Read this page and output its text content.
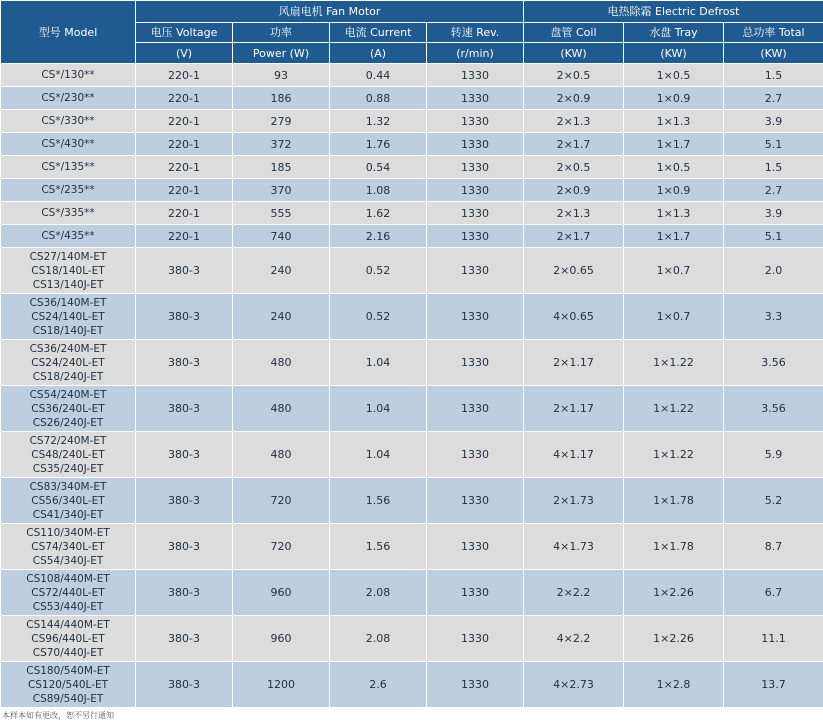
型号 Model	风扇电机 Fan Motor				电热除霜 Electric Defrost		
	电压 Voltage	功率	电流 Current	转速 Rev.	盘管 Coil	水盘 Tray	总功率 Total
	(V)	Power (W)	(A)	(r/min)	(KW)	(KW)	(KW)

CS*/130**	220-1	93	0.44	1330	2×0.5	1×0.5	1.5

CS*/230**	220-1	186	0.88	1330	2×0.9	1×0.9	2.7

CS*/330**	220-1	279	1.32	1330	2×1.3	1×1.3	3.9

CS*/430**	220-1	372	1.76	1330	2×1.7	1×1.7	5.1

CS*/135**	220-1	185	0.54	1330	2×0.5	1×0.5	1.5

CS*/235**	220-1	370	1.08	1330	2×0.9	1×0.9	2.7

CS*/335**	220-1	555	1.62	1330	2×1.3	1×1.3	3.9

CS*/435**	220-1	740	2.16	1330	2×1.7	1×1.7	5.1

CS27/140M-ET
CS18/140L-ET
CS13/140J-ET	380-3	240	0.52	1330	2×0.65	1×0.7	2.0

CS36/140M-ET
CS24/140L-ET
CS18/140J-ET	380-3	240	0.52	1330	4×0.65	1×0.7	3.3

CS36/240M-ET
CS24/240L-ET
CS18/240J-ET	380-3	480	1.04	1330	2×1.17	1×1.22	3.56

CS54/240M-ET
CS36/240L-ET
CS26/240J-ET	380-3	480	1.04	1330	2×1.17	1×1.22	3.56

CS72/240M-ET
CS48/240L-ET
CS35/240J-ET	380-3	480	1.04	1330	4×1.17	1×1.22	5.9

CS83/340M-ET
CS56/340L-ET
CS41/340J-ET	380-3	720	1.56	1330	2×1.73	1×1.78	5.2

CS110/340M-ET
CS74/340L-ET
CS54/340J-ET	380-3	720	1.56	1330	4×1.73	1×1.78	8.7

CS108/440M-ET
CS72/440L-ET
CS53/440J-ET	380-3	960	2.08	1330	2×2.2	1×2.26	6.7

CS144/440M-ET
CS96/440L-ET
CS70/440J-ET	380-3	960	2.08	1330	4×2.2	1×2.26	11.1

CS180/540M-ET
CS120/540L-ET
CS89/540J-ET	380-3	1200	2.6	1330	4×2.73	1×2.8	13.7
本样本如有更改，恕不另行通知
